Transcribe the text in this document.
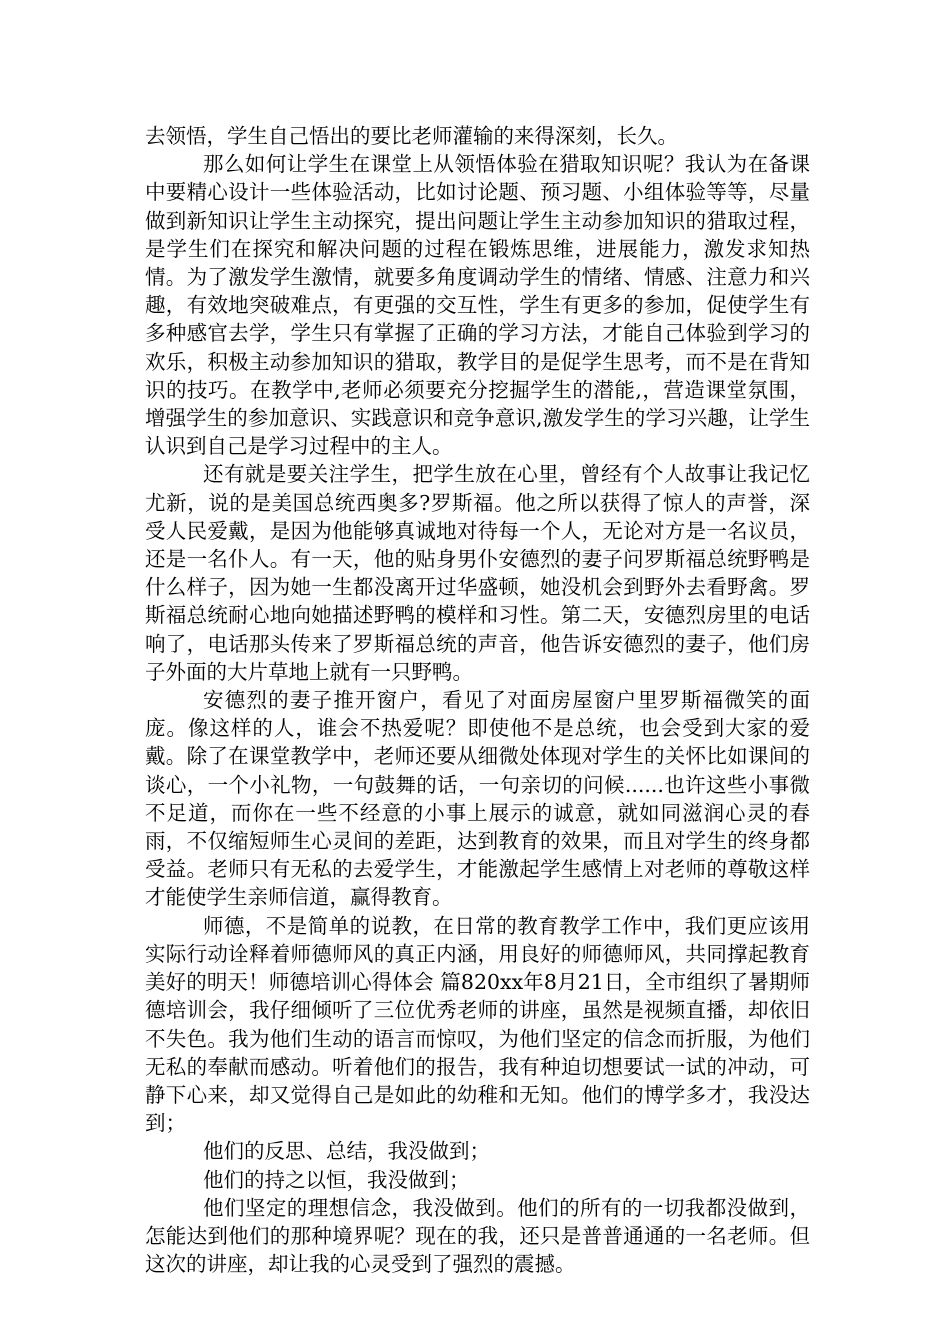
去领悟，学生自己悟出的要比老师灌输的来得深刻，长久。

那么如何让学生在课堂上从领悟体验在猎取知识呢？我认为在备课中要精心设计一些体验活动，比如讨论题、预习题、小组体验等等，尽量做到新知识让学生主动探究，提出问题让学生主动参加知识的猎取过程，是学生们在探究和解决问题的过程在锻炼思维，进展能力，激发求知热情。为了激发学生激情，就要多角度调动学生的情绪、情感、注意力和兴趣，有效地突破难点，有更强的交互性，学生有更多的参加，促使学生有多种感官去学，学生只有掌握了正确的学习方法，才能自己体验到学习的欢乐，积极主动参加知识的猎取，教学目的是促学生思考，而不是在背知识的技巧。在教学中,老师必须要充分挖掘学生的潜能,，营造课堂氛围，增强学生的参加意识、实践意识和竞争意识,激发学生的学习兴趣，让学生认识到自己是学习过程中的主人。

还有就是要关注学生，把学生放在心里，曾经有个人故事让我记忆尤新，说的是美国总统西奥多?罗斯福。他之所以获得了惊人的声誉，深受人民爱戴，是因为他能够真诚地对待每一个人，无论对方是一名议员，还是一名仆人。有一天，他的贴身男仆安德烈的妻子问罗斯福总统野鸭是什么样子，因为她一生都没离开过华盛顿，她没机会到野外去看野禽。罗斯福总统耐心地向她描述野鸭的模样和习性。第二天，安德烈房里的电话响了，电话那头传来了罗斯福总统的声音，他告诉安德烈的妻子，他们房子外面的大片草地上就有一只野鸭。

安德烈的妻子推开窗户，看见了对面房屋窗户里罗斯福微笑的面庞。像这样的人，谁会不热爱呢？即使他不是总统，也会受到大家的爱戴。除了在课堂教学中，老师还要从细微处体现对学生的关怀比如课间的谈心，一个小礼物，一句鼓舞的话，一句亲切的问候......也许这些小事微不足道，而你在一些不经意的小事上展示的诚意，就如同滋润心灵的春雨，不仅缩短师生心灵间的差距，达到教育的效果，而且对学生的终身都受益。老师只有无私的去爱学生，才能激起学生感情上对老师的尊敬这样才能使学生亲师信道，赢得教育。

师德，不是简单的说教，在日常的教育教学工作中，我们更应该用实际行动诠释着师德师风的真正内涵，用良好的师德师风，共同撑起教育美好的明天！师德培训心得体会 篇820xx年8月21日，全市组织了暑期师德培训会，我仔细倾听了三位优秀老师的讲座，虽然是视频直播，却依旧不失色。我为他们生动的语言而惊叹，为他们坚定的信念而折服，为他们无私的奉献而感动。听着他们的报告，我有种迫切想要试一试的冲动，可静下心来，却又觉得自己是如此的幼稚和无知。他们的博学多才，我没达到；

他们的反思、总结，我没做到；

他们的持之以恒，我没做到；

他们坚定的理想信念，我没做到。他们的所有的一切我都没做到，怎能达到他们的那种境界呢？现在的我，还只是普普通通的一名老师。但这次的讲座，却让我的心灵受到了强烈的震撼。
